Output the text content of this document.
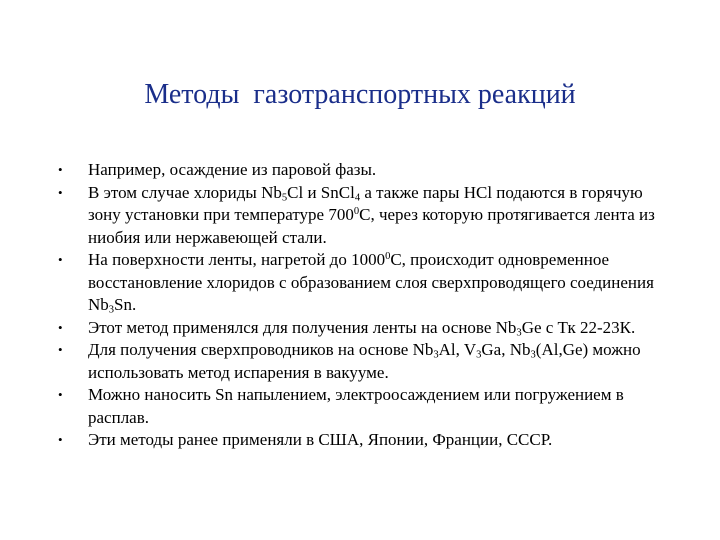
Методы  газотранспортных реакций
• Например, осаждение из паровой фазы.
• В этом случае хлориды $Nb_5Cl$ и SnCl$_4$ а также пары HCl подаются в горячую зону установки при температуре $700^0C$, через которую протягивается лента из ниобия или нержавеющей стали.
• На поверхности ленты, нагретой до 1000$^0$C, происходит одновременное восстановление хлоридов с образованием слоя сверхпроводящего соединения $Nb_3Sn$.
• Этот метод применялся для получения ленты на основе $Nb_3Ge$ с Тк 22-23К.
• Для получения сверхпроводников на основе $Nb_3Al$, $V_3Ga$, $Nb_3(Al,Ge)$ можно использовать метод испарения в вакууме.
• Можно наносить Sn напылением, электроосаждением или погружением в расплав.
• Эти методы ранее применяли в США, Японии, Франции, СССР.
